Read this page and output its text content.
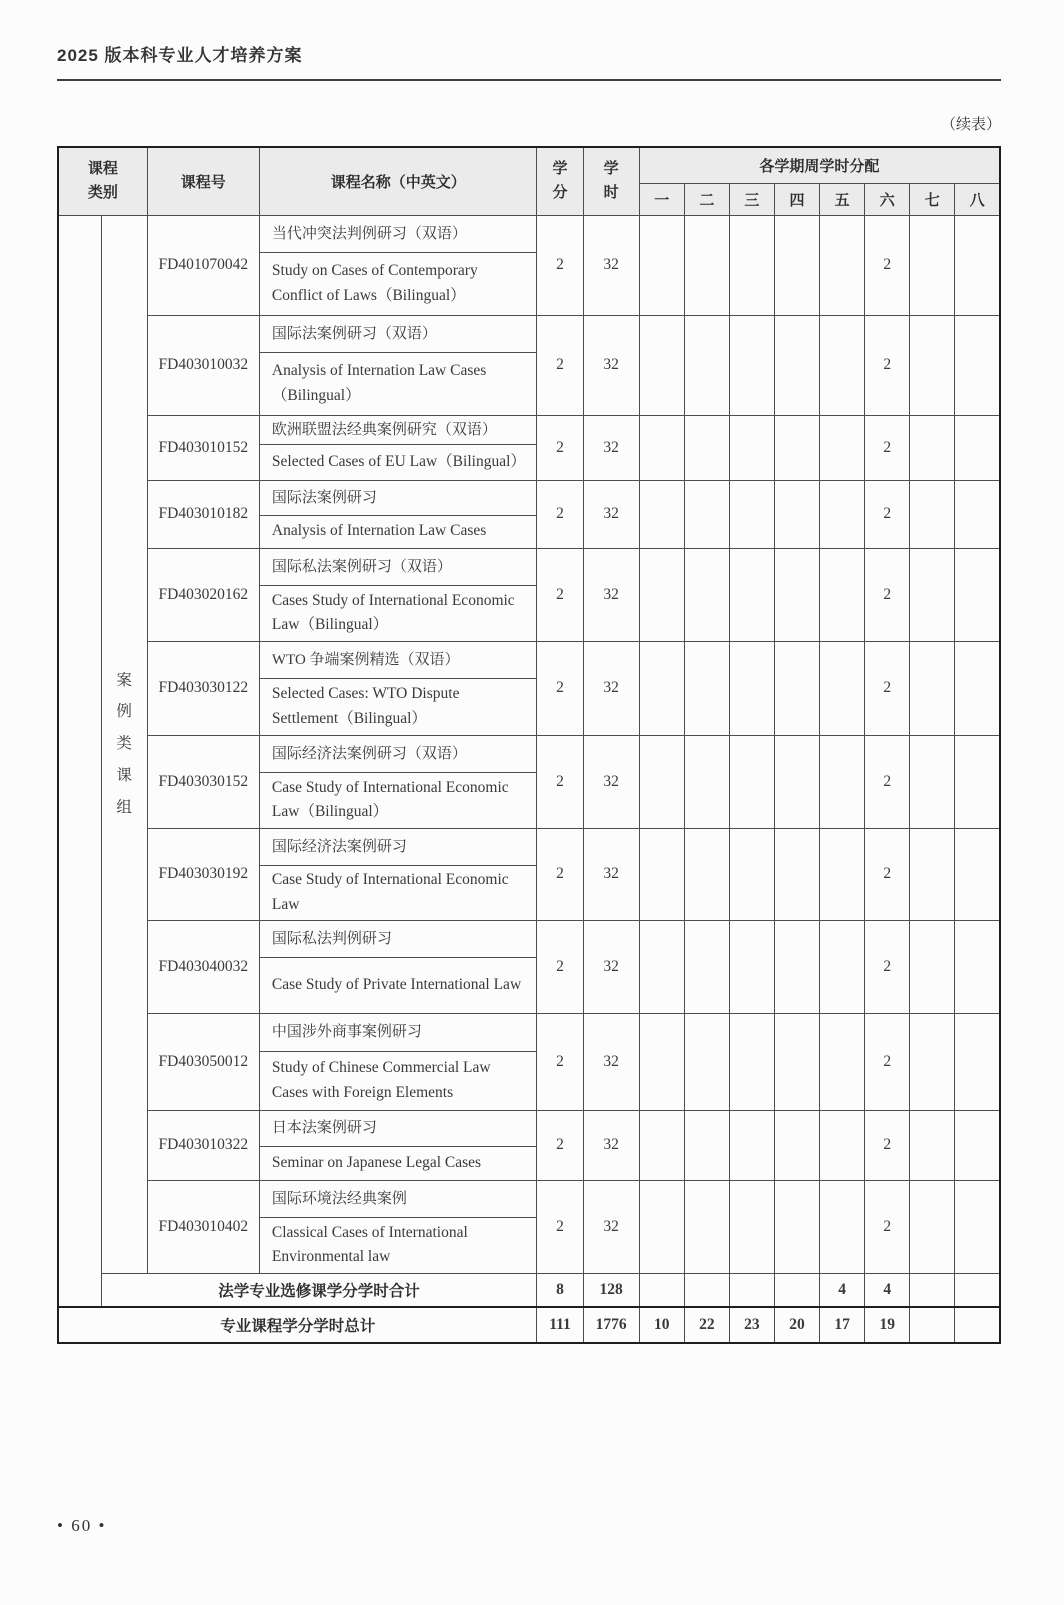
2025 版本科专业人才培养方案
（续表）
课程类别		课程号	课程名称（中英文）	学分	学时	各学期周学时分配							
						一	二	三	四	五	六	七	八

	案例类课组	FD401070042	当代冲突法判例研习（双语）
Study on Cases of Contemporary Conflict of Laws（Bilingual）	2	32						2		
		FD403010032	国际法案例研习（双语）
Analysis of Internation Law Cases （Bilingual）	2	32						2		
		FD403010152	欧洲联盟法经典案例研究（双语）
Selected Cases of EU Law（Bilingual）	2	32						2		
		FD403010182	国际法案例研习
Analysis of Internation Law Cases	2	32						2		
		FD403020162	国际私法案例研习（双语）
Cases Study of International Economic Law（Bilingual）	2	32						2		
		FD403030122	WTO 争端案例精选（双语）
Selected Cases: WTO Dispute Settlement（Bilingual）	2	32						2		
		FD403030152	国际经济法案例研习（双语）
Case Study of International Economic Law（Bilingual）	2	32						2		
		FD403030192	国际经济法案例研习
Case Study of International Economic Law	2	32						2		
		FD403040032	国际私法判例研习
Case Study of Private International Law	2	32						2		
		FD403050012	中国涉外商事案例研习
Study of Chinese Commercial Law Cases with Foreign Elements	2	32						2		
		FD403010322	日本法案例研习
Seminar on Japanese Legal Cases	2	32						2		
		FD403010402	国际环境法经典案例
Classical Cases of International Environmental law	2	32						2		
	法学专业选修课学分学时合计			8	128					4	4		
专业课程学分学时总计				111	1776	10	22	23	20	17	19		
• 60 •
